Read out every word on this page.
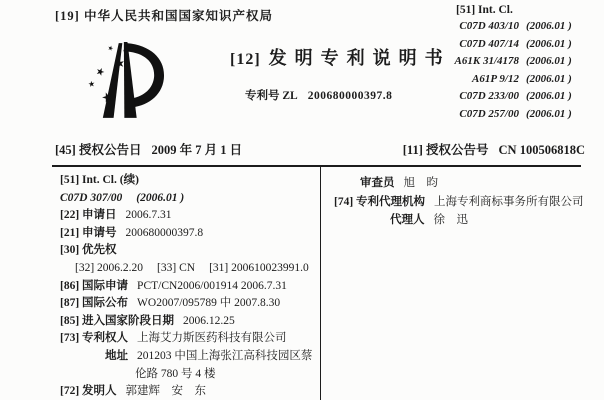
[19] 中华人民共和国国家知识产权局
[12] 发明专利说明书
专利号 ZL 200680000397.8
[51] Int. Cl.
C07D 403/10 (2006.01 )
C07D 407/14 (2006.01 )
A61K 31/4178 (2006.01 )
A61P 9/12 (2006.01 )
C07D 233/00 (2006.01 )
C07D 257/00 (2006.01 )
[45] 授权公告日 2009 年 7 月 1 日	[11] 授权公告号 CN 100506818C
[51] Int. Cl. (续)
C07D 307/00 (2006.01 )
[22] 申请日 2006.7.31
[21] 申请号 200680000397.8
[30] 优先权
[32] 2006.2.20 [33] CN [31] 200610023991.0
[86] 国际申请 PCT/CN2006/001914 2006.7.31
[87] 国际公布 WO2007/095789 中 2007.8.30
[85] 进入国家阶段日期 2006.12.25
[73] 专利权人 上海艾力斯医药科技有限公司
地址 201203 中国上海张江高科技园区蔡
伦路 780 号 4 楼
[72] 发明人 郭建辉　安　东
审查员 旭　昀
[74] 专利代理机构 上海专利商标事务所有限公司
代理人 徐　迅
